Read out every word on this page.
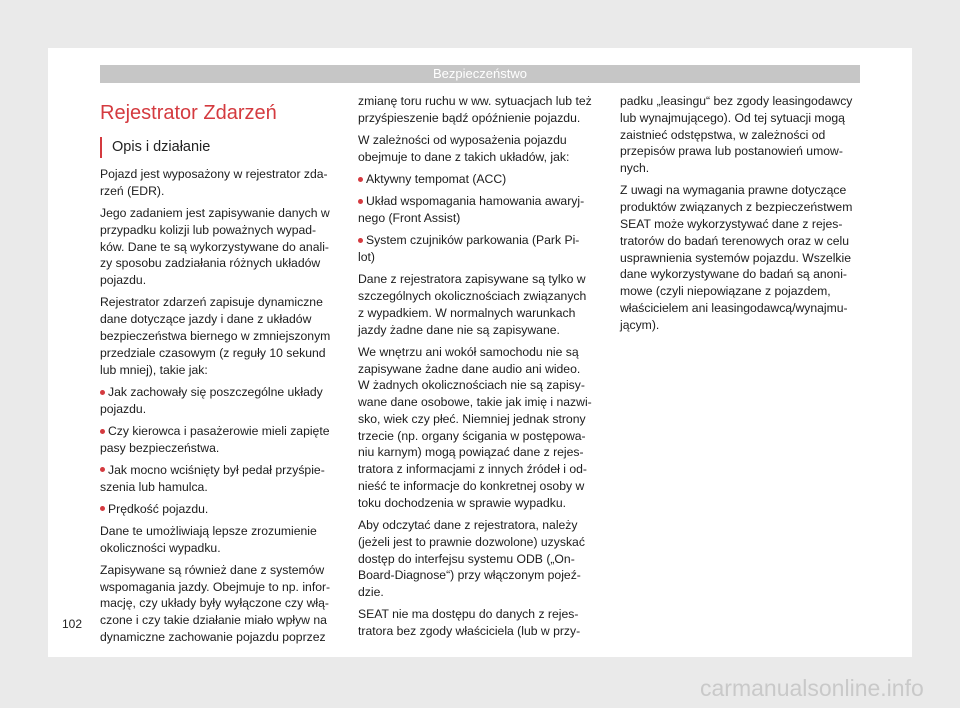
Bezpieczeństwo
Rejestrator Zdarzeń
Opis i działanie

Pojazd jest wyposażony w rejestrator zda-
rzeń (EDR).

Jego zadaniem jest zapisywanie danych w
przypadku kolizji lub poważnych wypad-
ków. Dane te są wykorzystywane do anali-
zy sposobu zadziałania różnych układów
pojazdu.

Rejestrator zdarzeń zapisuje dynamiczne
dane dotyczące jazdy i dane z układów
bezpieczeństwa biernego w zmniejszonym
przedziale czasowym (z reguły 10 sekund
lub mniej), takie jak:

Jak zachowały się poszczególne układy
pojazdu.

Czy kierowca i pasażerowie mieli zapięte
pasy bezpieczeństwa.

Jak mocno wciśnięty był pedał przyśpie-
szenia lub hamulca.

Prędkość pojazdu.

Dane te umożliwiają lepsze zrozumienie
okoliczności wypadku.

Zapisywane są również dane z systemów
wspomagania jazdy. Obejmuje to np. infor-
mację, czy układy były wyłączone czy włą-
czone i czy takie działanie miało wpływ na
dynamiczne zachowanie pojazdu poprzez

zmianę toru ruchu w ww. sytuacjach lub też
przyśpieszenie bądź opóźnienie pojazdu.

W zależności od wyposażenia pojazdu
obejmuje to dane z takich układów, jak:

Aktywny tempomat (ACC)

Układ wspomagania hamowania awaryj-
nego (Front Assist)

System czujników parkowania (Park Pi-
lot)

Dane z rejestratora zapisywane są tylko w
szczególnych okolicznościach związanych
z wypadkiem. W normalnych warunkach
jazdy żadne dane nie są zapisywane.

We wnętrzu ani wokół samochodu nie są
zapisywane żadne dane audio ani wideo.
W żadnych okolicznościach nie są zapisy-
wane dane osobowe, takie jak imię i nazwi-
sko, wiek czy płeć. Niemniej jednak strony
trzecie (np. organy ścigania w postępowa-
niu karnym) mogą powiązać dane z rejes-
tratora z informacjami z innych źródeł i od-
nieść te informacje do konkretnej osoby w
toku dochodzenia w sprawie wypadku.

Aby odczytać dane z rejestratora, należy
(jeżeli jest to prawnie dozwolone) uzyskać
dostęp do interfejsu systemu ODB („On-
Board-Diagnose“) przy włączonym pojeź-
dzie.

SEAT nie ma dostępu do danych z rejes-
tratora bez zgody właściciela (lub w przy-

padku „leasingu“ bez zgody leasingodawcy
lub wynajmującego). Od tej sytuacji mogą
zaistnieć odstępstwa, w zależności od
przepisów prawa lub postanowień umow-
nych.

Z uwagi na wymagania prawne dotyczące
produktów związanych z bezpieczeństwem
SEAT może wykorzystywać dane z rejes-
tratorów do badań terenowych oraz w celu
usprawnienia systemów pojazdu. Wszelkie
dane wykorzystywane do badań są anoni-
mowe (czyli niepowiązane z pojazdem,
właścicielem ani leasingodawcą/wynajmu-
jącym).

102
carmanualsonline.info
